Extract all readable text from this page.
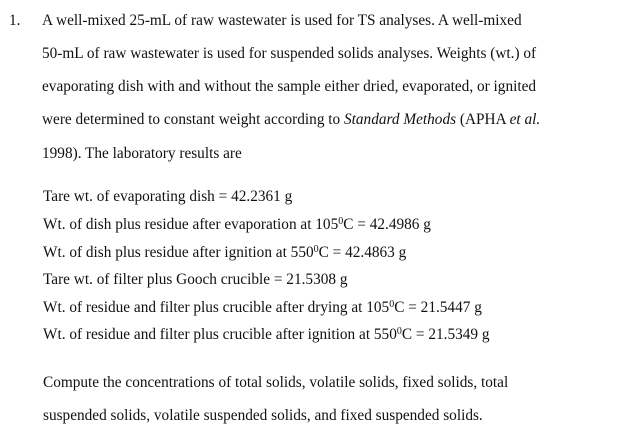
1. A well-mixed 25-mL of raw wastewater is used for TS analyses. A well-mixed
50-mL of raw wastewater is used for suspended solids analyses. Weights (wt.) of
evaporating dish with and without the sample either dried, evaporated, or ignited
were determined to constant weight according to Standard Methods (APHA et al.
1998). The laboratory results are
Tare wt. of evaporating dish = 42.2361 g
Wt. of dish plus residue after evaporation at $105^0C = 42.4986$ g
Wt. of dish plus residue after ignition at $550^0C = 42.4863$ g
Tare wt. of filter plus Gooch crucible = 21.5308 g
Wt. of residue and filter plus crucible after drying at $105^0C = 21.5447$ g
Wt. of residue and filter plus crucible after ignition at $550^0C = 21.5349$ g
Compute the concentrations of total solids, volatile solids, fixed solids, total
suspended solids, volatile suspended solids, and fixed suspended solids.
